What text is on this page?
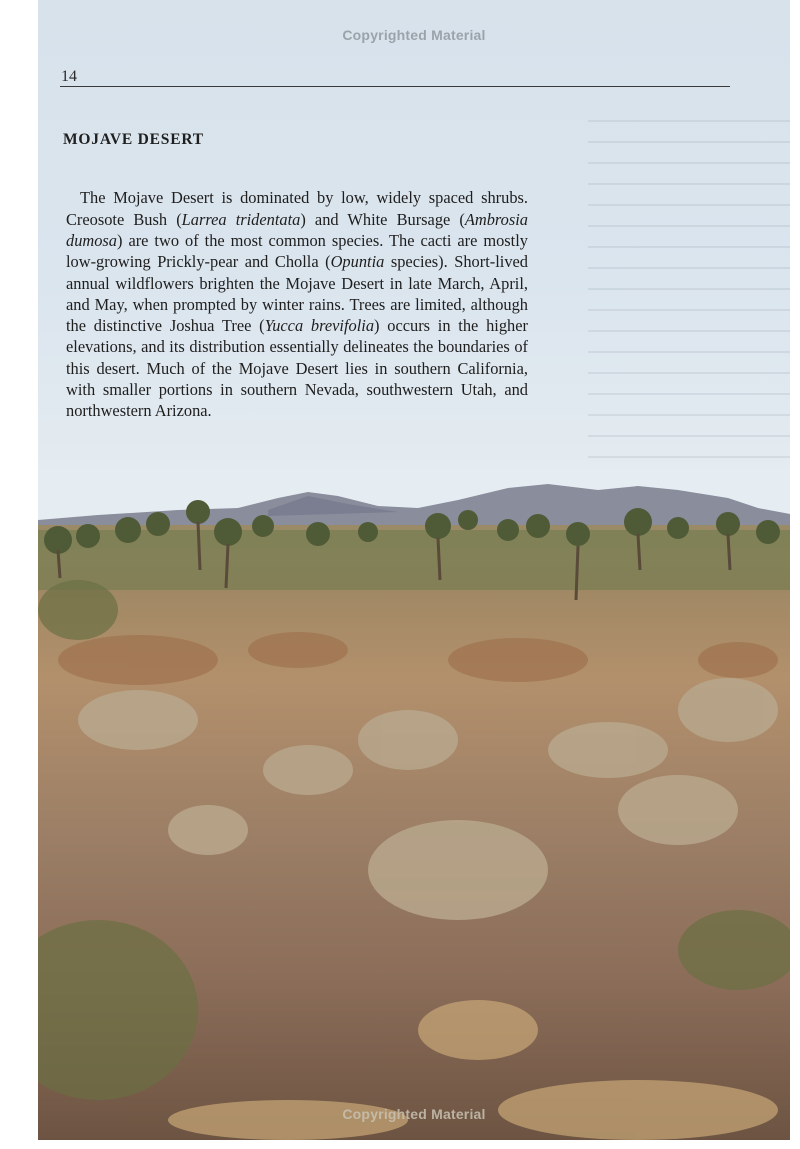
Copyrighted Material
14
MOJAVE DESERT

The Mojave Desert is dominated by low, widely spaced shrubs. Creosote Bush (Larrea tridentata) and White Bursage (Ambrosia dumosa) are two of the most common species. The cacti are mostly low-growing Prickly-pear and Cholla (Opuntia species). Short-lived annual wildflowers brighten the Mojave Desert in late March, April, and May, when prompted by winter rains. Trees are limited, although the distinctive Joshua Tree (Yucca brevifolia) occurs in the higher elevations, and its distribution essentially delineates the boundaries of this desert. Much of the Mojave Desert lies in southern California, with smaller portions in southern Nevada, southwestern Utah, and northwestern Arizona.

Copyrighted Material
